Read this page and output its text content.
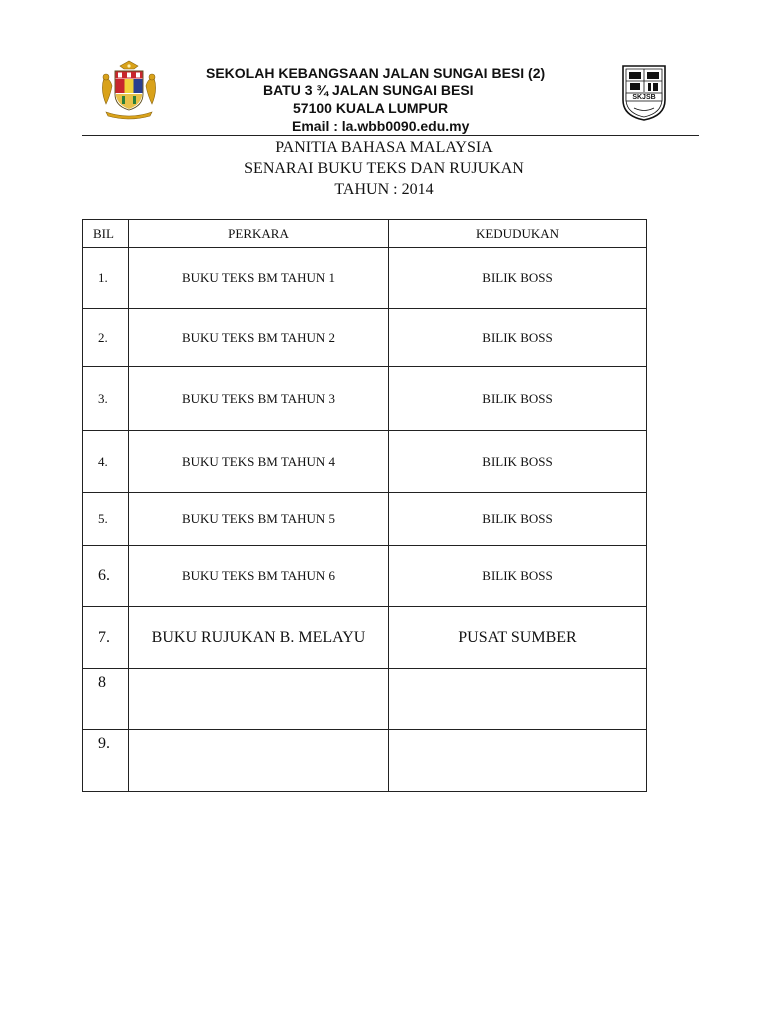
SEKOLAH KEBANGSAAN JALAN SUNGAI BESI (2)
BATU 3 ¾ JALAN SUNGAI BESI
57100 KUALA LUMPUR
Email : la.wbb0090.edu.my
SKJSB
PANITIA BAHASA MALAYSIA
SENARAI BUKU TEKS DAN RUJUKAN
TAHUN : 2014
BIL	PERKARA	KEDUDUKAN
1.	BUKU TEKS BM TAHUN 1	BILIK BOSS
2.	BUKU TEKS BM TAHUN 2	BILIK BOSS
3.	BUKU TEKS BM TAHUN 3	BILIK BOSS
4.	BUKU TEKS BM TAHUN 4	BILIK BOSS
5.	BUKU TEKS BM TAHUN 5	BILIK BOSS
6.	BUKU TEKS BM TAHUN 6	BILIK BOSS
7.	BUKU RUJUKAN B. MELAYU	PUSAT SUMBER
8		
9.		
